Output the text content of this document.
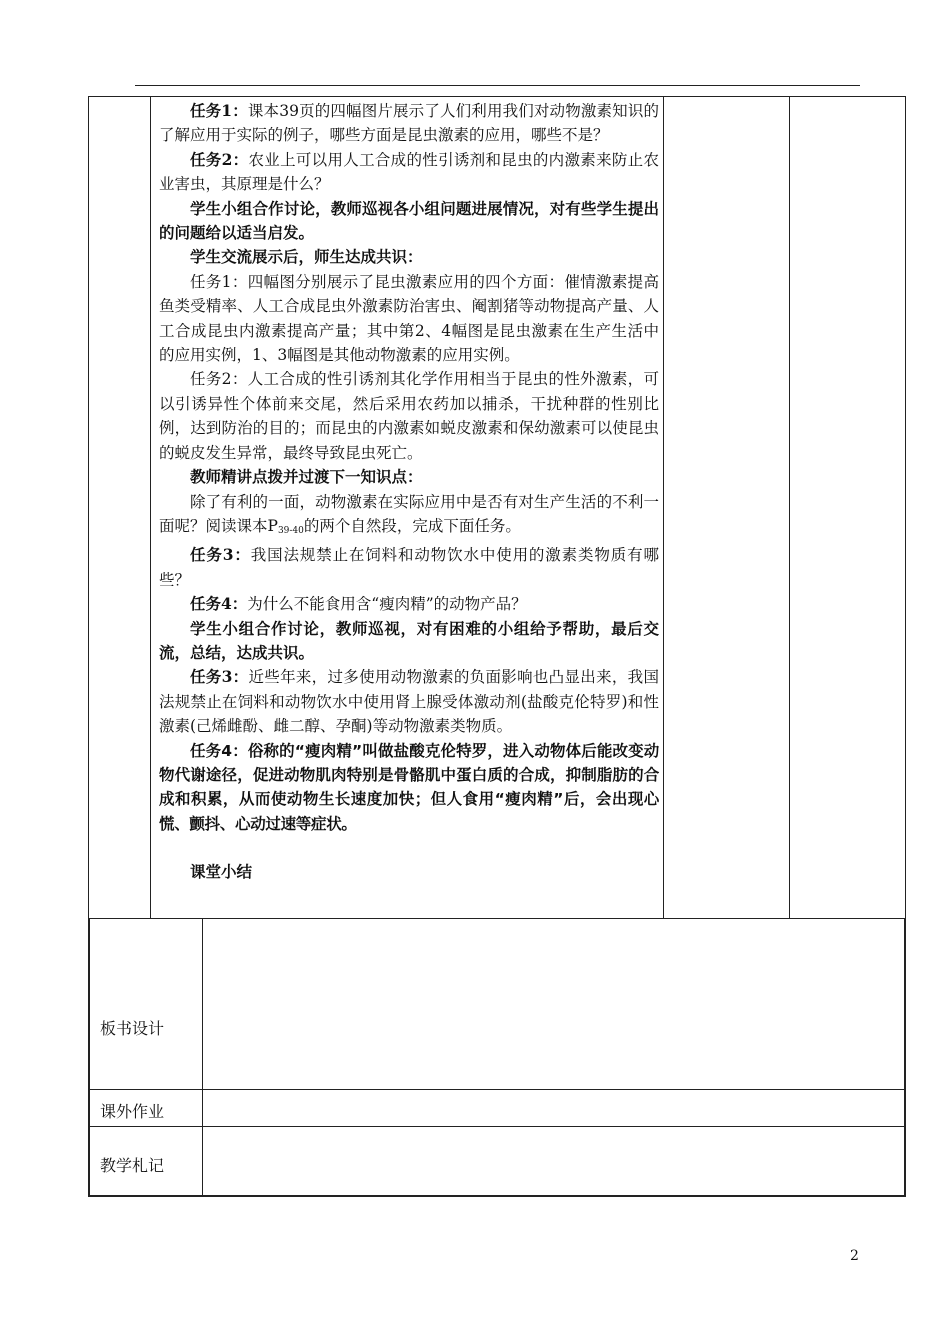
任务1：课本39页的四幅图片展示了人们利用我们对动物激素知识的了解应用于实际的例子，哪些方面是昆虫激素的应用，哪些不是？

任务2：农业上可以用人工合成的性引诱剂和昆虫的内激素来防止农业害虫，其原理是什么？

学生小组合作讨论，教师巡视各小组问题进展情况，对有些学生提出的问题给以适当启发。

学生交流展示后，师生达成共识：

任务1：四幅图分别展示了昆虫激素应用的四个方面：催情激素提高鱼类受精率、人工合成昆虫外激素防治害虫、阉割猪等动物提高产量、人工合成昆虫内激素提高产量；其中第2、4幅图是昆虫激素在生产生活中的应用实例，1、3幅图是其他动物激素的应用实例。

任务2：人工合成的性引诱剂其化学作用相当于昆虫的性外激素，可以引诱异性个体前来交尾，然后采用农药加以捕杀，干扰种群的性别比例，达到防治的目的；而昆虫的内激素如蜕皮激素和保幼激素可以使昆虫的蜕皮发生异常，最终导致昆虫死亡。

教师精讲点拨并过渡下一知识点：

除了有利的一面，动物激素在实际应用中是否有对生产生活的不利一面呢？阅读课本$P_{39-40}$的两个自然段，完成下面任务。

任务3：我国法规禁止在饲料和动物饮水中使用的激素类物质有哪些？

任务4：为什么不能食用含“瘦肉精”的动物产品？

学生小组合作讨论，教师巡视，对有困难的小组给予帮助，最后交流，总结，达成共识。

任务3：近些年来，过多使用动物激素的负面影响也凸显出来，我国法规禁止在饲料和动物饮水中使用肾上腺受体激动剂(盐酸克伦特罗)和性激素(己烯雌酚、雌二醇、孕酮)等动物激素类物质。

任务4：俗称的“瘦肉精”叫做盐酸克伦特罗，进入动物体后能改变动物代谢途径，促进动物肌肉特别是骨骼肌中蛋白质的合成，抑制脂肪的合成和积累，从而使动物生长速度加快；但人食用“瘦肉精”后，会出现心慌、颤抖、心动过速等症状。

课堂小结

板书设计
课外作业
教学札记
2
